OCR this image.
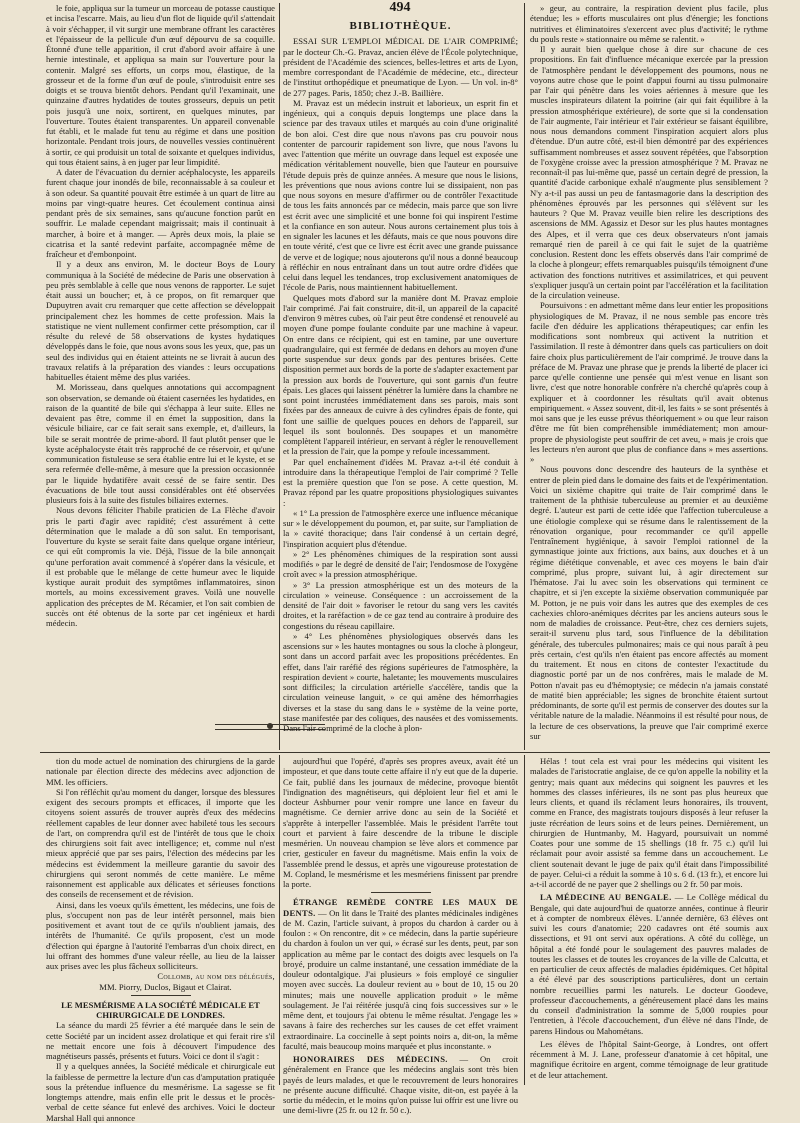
494

le foie, appliqua sur la tumeur un morceau de potasse caustique et incisa l'escarre. Mais, au lieu d'un flot de liquide qu'il s'attendait à voir s'échapper, il vit surgir une membrane offrant les caractères et l'épaisseur de la pellicule d'un œuf dépourvu de sa coquille. Étonné d'une telle apparition, il crut d'abord avoir affaire à une hernie intestinale, et appliqua sa main sur l'ouverture pour la contenir. Malgré ses efforts, un corps mou, élastique, de la grosseur et de la forme d'un œuf de poule, s'introduisit entre ses doigts et se trouva bientôt dehors. Pendant qu'il l'examinait, une quinzaine d'autres hydatides de toutes grosseurs, depuis un petit pois jusqu'à une noix, sortirent, en quelques minutes, par l'ouverture. Toutes étaient transparentes. Un appareil convenable fut établi, et le malade fut tenu au régime et dans une position horizontale. Pendant trois jours, de nouvelles vessies continuèrent à sortir, ce qui produisit un total de soixante et quelques individus, qui tous étaient sains, à en juger par leur limpidité.

A dater de l'évacuation du dernier acéphalocyste, les appareils furent chaque jour inondés de bile, reconnaissable à sa couleur et à son odeur. Sa quantité pouvait être estimée à un quart de litre au moins par vingt-quatre heures. Cet écoulement continua ainsi pendant près de six semaines, sans qu'aucune fonction parût en souffrir. Le malade cependant maigrissait; mais il continuait à marcher, à boire et à manger. — Après deux mois, la plaie se cicatrisa et la santé redevint parfaite, accompagnée même de fraîcheur et d'embonpoint.

Il y a deux ans environ, M. le docteur Boys de Loury communiqua à la Société de médecine de Paris une observation à peu près semblable à celle que nous venons de rapporter. Le sujet était aussi un boucher; et, à ce propos, on fit remarquer que Dupuytren avait cru remarquer que cette affection se développait principalement chez les hommes de cette profession. Mais la statistique ne vient nullement confirmer cette présomption, car il résulte du relevé de 58 observations de kystes hydatiques développés dans le foie, que nous avons sous les yeux, que, pas un seul des individus qui en étaient atteints ne se livrait à aucun des travaux relatifs à la préparation des viandes : leurs occupations habituelles étaient même des plus variées.

M. Morisseau, dans quelques annotations qui accompagnent son observation, se demande où étaient casernées les hydatides, en raison de la quantité de bile qui s'échappa à leur suite. Elles ne devaient pas être, comme il en émet la supposition, dans la vésicule biliaire, car ce fait serait sans exemple, et, d'ailleurs, la bile se serait montrée de prime-abord. Il faut plutôt penser que le kyste acéphalocyste était très rapproché de ce réservoir, et qu'une communication fistuleuse se sera établie entre lui et le kyste, et se sera refermée d'elle-même, à mesure que la pression occasionnée par le liquide hydatifère avait cessé de se faire sentir. Des évacuations de bile tout aussi considérables ont été observées plusieurs fois à la suite des fistules biliaires externes.

Nous devons féliciter l'habile praticien de La Flèche d'avoir pris le parti d'agir avec rapidité; c'est assurément à cette détermination que le malade a dû son salut. En temporisant, l'ouverture du kyste se serait faite dans quelque organe intérieur, ce qui eût compromis la vie. Déjà, l'issue de la bile annonçait qu'une perforation avait commencé à s'opérer dans la vésicule, et il est probable que le mélange de cette humeur avec le liquide kystique aurait produit des symptômes inflammatoires, sinon mortels, au moins excessivement graves. Voilà une nouvelle application des préceptes de M. Récamier, et l'on sait combien de succès ont été obtenus de la sorte par cet ingénieux et hardi médecin.

BIBLIOTHÈQUE.

ESSAI SUR L'EMPLOI MÉDICAL DE L'AIR COMPRIMÉ; par le docteur Ch.-G. Pravaz, ancien élève de l'École polytechnique, président de l'Académie des sciences, belles-lettres et arts de Lyon, membre correspondant de l'Académie de médecine, etc., directeur de l'institut orthopédique et pneumatique de Lyon. — Un vol. in-8° de 277 pages. Paris, 1850; chez J.-B. Baillière.

M. Pravaz est un médecin instruit et laborieux, un esprit fin et ingénieux, qui a conquis depuis longtemps une place dans la science par des travaux utiles et marqués au coin d'une originalité de bon aloi. C'est dire que nous n'avons pas cru pouvoir nous contenter de parcourir rapidement son livre, que nous l'avons lu avec l'attention que mérite un ouvrage dans lequel est exposée une médication véritablement nouvelle, bien que l'auteur en poursuive l'étude depuis près de quinze années. A mesure que nous le lisions, les préventions que nous avions contre lui se dissipaient, non pas que nous soyons en mesure d'affirmer ou de contrôler l'exactitude de tous les faits annoncés par ce médecin, mais parce que son livre est écrit avec une simplicité et une bonne foi qui inspirent l'estime et la confiance en son auteur. Nous aurons certainement plus tois à en signaler les lacunes et les défauts, mais ce que nous pouvons dire en toute vérité, c'est que ce livre est écrit avec une grande puissance de verve et de logique; nous ajouterons qu'il nous a donné beaucoup à réfléchir en nous entraînant dans un tout autre ordre d'idées que celui dans lequel les tendances, trop exclusivement anatomiques de l'école de Paris, nous maintiennent habituellement.

Quelques mots d'abord sur la manière dont M. Pravaz emploie l'air comprimé. J'ai fait construire, dit-il, un appareil de la capacité d'environ 9 mètres cubes, où l'air peut être condensé et renouvelé au moyen d'une pompe foulante conduite par une machine à vapeur. On entre dans ce récipient, qui est en tamine, par une ouverture quadrangulaire, qui est fermée de dedans en dehors au moyen d'une porte suspendue sur deux gonds par des pentures brisées. Cette disposition permet aux bords de la porte de s'adapter exactement par la pression aux bords de l'ouverture, qui sont garnis d'un feutre épais. Les glaces qui laissent pénétrer la lumière dans la chambre ne sont point incrustées immédiatement dans ses parois, mais sont fixées par des anneaux de cuivre à des cylindres épais de fonte, qui font une saillie de quelques pouces en dehors de l'appareil, sur lequel ils sont boulonnés. Des soupapes et un manomètre complètent l'appareil intérieur, en servant à régler le renouvellement et la pression de l'air, que la pompe y refoule incessamment.

Par quel enchaînement d'idées M. Pravaz a-t-il été conduit à introduire dans la thérapeutique l'emploi de l'air comprimé ? Telle est la première question que l'on se pose. A cette question, M. Pravaz répond par les quatre propositions physiologiques suivantes :

« 1° La pression de l'atmosphère exerce une influence mécanique sur » le développement du poumon, et, par suite, sur l'ampliation de la » cavité thoracique; dans l'air condensé à un certain degré, l'inspiration acquiert plus d'étendue.

» 2° Les phénomènes chimiques de la respiration sont aussi modifiés » par le degré de densité de l'air; l'endosmose de l'oxygène croît avec » la pression atmosphérique.

» 3° La pression atmosphérique est un des moteurs de la circulation » veineuse. Conséquence : un accroissement de la densité de l'air doit » favoriser le retour du sang vers les cavités droites, et la raréfaction » de ce gaz tend au contraire à produire des congestions du réseau capillaire.

» 4° Les phénomènes physiologiques observés dans les ascensions sur » les hautes montagnes ou sous la cloche à plongeur, sont dans un accord parfait avec les propositions précédentes. En effet, dans l'air raréfié des régions supérieures de l'atmosphère, la respiration devient » courte, haletante; les mouvements musculaires sont difficiles; la circulation artérielle s'accélère, tandis que la circulation veineuse languit, » ce qui amène des hémorrhagies diverses et la stase du sang dans le » système de la veine porte, stase manifestée par des coliques, des nausées et des vomissements. Dans l'air comprimé de la cloche à plon-

» geur, au contraire, la respiration devient plus facile, plus étendue; les » efforts musculaires ont plus d'énergie; les fonctions nutritives et éliminatoires s'exercent avec plus d'activité; le rythme du pouls reste » stationnaire ou même se ralentit. »

Il y aurait bien quelque chose à dire sur chacune de ces propositions. En fait d'influence mécanique exercée par la pression de l'atmosphère pendant le développement des poumons, nous ne voyons autre chose que le point d'appui fourni au tissu pulmonaire par l'air qui pénètre dans les voies aériennes à mesure que les muscles inspirateurs dilatent la poitrine (air qui fait équilibre à la pression atmosphérique extérieure), de sorte que si la condensation de l'air augmente, l'air intérieur et l'air extérieur se faisant équilibre, nous nous demandons comment l'inspiration acquiert alors plus d'étendue. D'un autre côté, est-il bien démontré par des expériences suffisamment nombreuses et assez souvent répétées, que l'absorption de l'oxygène croisse avec la pression atmosphérique ? M. Pravaz ne reconnaît-il pas lui-même que, passé un certain degré de pression, la quantité d'acide carbonique exhalé n'augmente plus sensiblement ? N'y a-t-il pas aussi un peu de fantasmagorie dans la description des phénomènes éprouvés par les personnes qui s'élèvent sur les hauteurs ? Que M. Pravaz veuille bien relire les descriptions des ascensions de MM. Agassiz et Desor sur les plus hautes montagnes des Alpes, et il verra que ces deux observateurs n'ont jamais remarqué rien de pareil à ce qui fait le sujet de la quatrième conclusion. Restent donc les effets observés dans l'air comprimé de la cloche à plongeur; effets remarquables puisqu'ils témoignent d'une activation des fonctions nutritives et assimilatrices, et qui peuvent s'expliquer jusqu'à un certain point par l'accélération et la facilitation de la circulation veineuse.

Poursuivons : en admettant même dans leur entier les propositions physiologiques de M. Pravaz, il ne nous semble pas encore très facile d'en déduire les applications thérapeutiques; car enfin les modifications sont nombreux qui activent la nutrition et l'assimilation. Il reste à démontrer dans quels cas particuliers on doit faire choix plus particulièrement de l'air comprimé. Je trouve dans la préface de M. Pravaz une phrase que je prends la liberté de placer ici parce qu'elle contienne une pensée qui m'est venue en lisant son livre, c'est que notre honorable confrère n'a cherché qu'après coup à expliquer et à coordonner les résultats qu'il avait obtenus empiriquement. « Assez souvent, dit-il, les faits » se sont présentés à moi sans que je les eusse prévus théoriquement » ou que leur raison d'être me fût bien compréhensible immédiatement; mon amour-propre de physiologiste peut souffrir de cet aveu, » mais je crois que les lecteurs n'en auront que plus de confiance dans » mes assertions. »

Nous pouvons donc descendre des hauteurs de la synthèse et entrer de plein pied dans le domaine des faits et de l'expérimentation. Voici un sixième chapitre qui traite de l'air comprimé dans le traitement de la phthisie tuberculeuse au premier et au deuxième degré. L'auteur est parti de cette idée que l'affection tuberculeuse a une étiologie complexe qui se résume dans le ralentissement de la rénovation organique, pour recommander ce qu'il appelle l'entraînement hygiénique, à savoir l'emploi rationnel de la gymnastique jointe aux frictions, aux bains, aux douches et à un régime diététique convenable, et avec ces moyens le bain d'air comprimé, plus propre, suivant lui, à agir directement sur l'hématose. J'ai lu avec soin les observations qui terminent ce chapitre, et si j'en excepte la sixième observation communiquée par M. Potton, je ne puis voir dans les autres que des exemples de ces cachexies chloro-anémiques décrites par les anciens auteurs sous le nom de maladies de croissance. Peut-être, chez ces derniers sujets, serait-il survenu plus tard, sous l'influence de la débilitation générale, des tubercules pulmonaires; mais ce qui nous paraît à peu près certain, c'est qu'ils n'en étaient pas encore affectés au moment du traitement. Et nous en citons de contester l'exactitude du diagnostic porté par un de nos confrères, mais le malade de M. Potton n'avait pas eu d'hémoptysie; ce médecin n'a jamais constaté de matité bien appréciable; les signes de bronchite étaient surtout prédominants, de sorte qu'il est permis de conserver des doutes sur la véritable nature de la maladie. Néanmoins il est résulté pour nous, de la lecture de ces observations, la preuve que l'air comprimé exerce sur

tion du mode actuel de nomination des chirurgiens de la garde nationale par élection directe des médecins avec adjonction de MM. les officiers.

Si l'on réfléchit qu'au moment du danger, lorsque des blessures exigent des secours prompts et efficaces, il importe que les citoyens soient assurés de trouver auprès d'eux des médecins réellement capables de leur donner avec habileté tous les secours de l'art, on comprendra qu'il est de l'intérêt de tous que le choix des chirurgiens soit fait avec intelligence; et, comme nul n'est mieux apprécié que par ses pairs, l'élection des médecins par les médecins est évidemment la meilleure garantie du savoir des chirurgiens qui seront nommés de cette manière. Le même raisonnement est applicable aux délicates et sérieuses fonctions des conseils de recensement et de révision.

Ainsi, dans les voeux qu'ils émettent, les médecins, une fois de plus, s'occupent non pas de leur intérêt personnel, mais bien positivement et avant tout de ce qu'ils n'oublient jamais, des intérêts de l'humanité. Ce qu'ils proposent, c'est un mode d'élection qui épargne à l'autorité l'embarras d'un choix direct, en lui offrant des hommes d'une valeur réelle, au lieu de la laisser aux prises avec les plus fâcheux solliciteurs.

Collomb, au nom des délégués,

MM. Piorry, Duclos, Bigaut et Clairat.

LE MESMÉRISME A LA SOCIÉTÉ MÉDICALE ET CHIRURGICALE DE LONDRES.

La séance du mardi 25 février a été marquée dans le sein de cette Société par un incident assez drolatique et qui ferait rire s'il ne mettait encore une fois à découvert l'impudence des magnétiseurs passés, présents et futurs. Voici ce dont il s'agit :

Il y a quelques années, la Société médicale et chirurgicale eut la faiblesse de permettre la lecture d'un cas d'amputation pratiquée sous la prétendue influence du mesmérisme. La sagesse se fit longtemps attendre, mais enfin elle prit le dessus et le procès-verbal de cette séance fut enlevé des archives. Voici le docteur Marshal Hall qui annonce

aujourd'hui que l'opéré, d'après ses propres aveux, avait été un imposteur, et que dans toute cette affaire il n'y eut que de la duperie. Ce fait, publié dans les journaux de médecine, provoque bientôt l'indignation des magnétiseurs, qui déploient leur fiel et ami le docteur Ashburner pour venir rompre une lance en faveur du magnétisme. Ce dernier arrive donc au sein de la Société et s'apprête à interpeller l'assemblée. Mais le président l'arrête tout court et parvient à faire descendre de la tribune le disciple mesmérien. Un nouveau champion se lève alors et commence par crier, gesticuler en faveur du magnétisme. Mais enfin la voix de l'assemblée prend le dessus, et après une vigoureuse protestation de M. Copland, le mesmérisme et les mesmériens finissent par prendre la porte.

ÉTRANGE REMÈDE CONTRE LES MAUX DE DENTS. — On lit dans le Traité des plantes médicinales indigènes de M. Cazin, l'article suivant, à propos du chardon à carder ou à foulon : « On rencontre, dit » ce médecin, dans la partie supérieure du chardon à foulon un ver qui, » écrasé sur les dents, peut, par son application au même par le contact des doigts avec lesquels on l'a broyé, produire un calme instantané, une cessation immédiate de la douleur odontalgique. J'ai plusieurs » fois employé ce singulier moyen avec succès. La douleur revient au » bout de 10, 15 ou 20 minutes; mais une nouvelle application produit » le même soulagement. Je l'ai réitérée jusqu'à cinq fois successives sur » le même dent, et toujours j'ai obtenu le même résultat. J'engage les » savans à faire des recherches sur les causes de cet effet vraiment extraordinaire. La coccinelle à sept points noirs a, dit-on, la même faculté, mais beaucoup moins marquée et plus inconstante. »

HONORAIRES DES MÉDECINS. — On croit généralement en France que les médecins anglais sont très bien payés de leurs malades, et que le recouvrement de leurs honoraires ne présente aucune difficulté. Chaque visite, dit-on, est payée à la sortie du médecin, et le moins qu'on puisse lui offrir est une livre ou une demi-livre (25 fr. ou 12 fr. 50 c.).

Hélas ! tout cela est vrai pour les médecins qui visitent les malades de l'aristocratie anglaise, de ce qu'on appelle la nobility et la gentry; mais quant aux médecins qui soignent les pauvres et les hommes des classes inférieures, ils ne sont pas plus heureux que leurs clients, et quand ils réclament leurs honoraires, ils trouvent, comme en France, des magistrats toujours disposés à leur refuser la juste récréation de leurs soins et de leurs peines. Dernièrement, un chirurgien de Huntmanby, M. Hagyard, poursuivait un nommé Coates pour une somme de 15 shellings (18 fr. 75 c.) qu'il lui réclamait pour avoir assisté sa femme dans un accouchement. Le client soutenait devant le juge de paix qu'il était dans l'impossibilité de payer. Celui-ci a réduit la somme à 10 s. 6 d. (13 fr.), et encore lui a-t-il accordé de ne payer que 2 shellings ou 2 fr. 50 par mois.

LA MÉDECINE AU BENGALE. — Le Collège médical du Bengale, qui date aujourd'hui de quatorze années, continue à fleurir et à compter de nombreux élèves. L'année dernière, 63 élèves ont suivi les cours d'anatomie; 220 cadavres ont été soumis aux dissections, et 91 ont servi aux opérations. A côté du collège, un hôpital a été fondé pour le soulagement des pauvres malades de toutes les classes et de toutes les croyances de la ville de Calcutta, et en particulier de ceux affectés de maladies épidémiques. Cet hôpital a été élevé par des souscriptions particulières, dont un certain nombre recueillies parmi les naturels. Le docteur Goodeve, professeur d'accouchements, a généreusement placé dans les mains du conseil d'administration la somme de 5,000 roupies pour l'entretien, à l'école d'accouchement, d'un élève né dans l'Inde, de parens Hindous ou Mahométans.

Les élèves de l'hôpital Saint-George, à Londres, ont offert récemment à M. J. Lane, professeur d'anatomie à cet hôpital, une magnifique écritoire en argent, comme témoignage de leur gratitude et de leur attachement.
